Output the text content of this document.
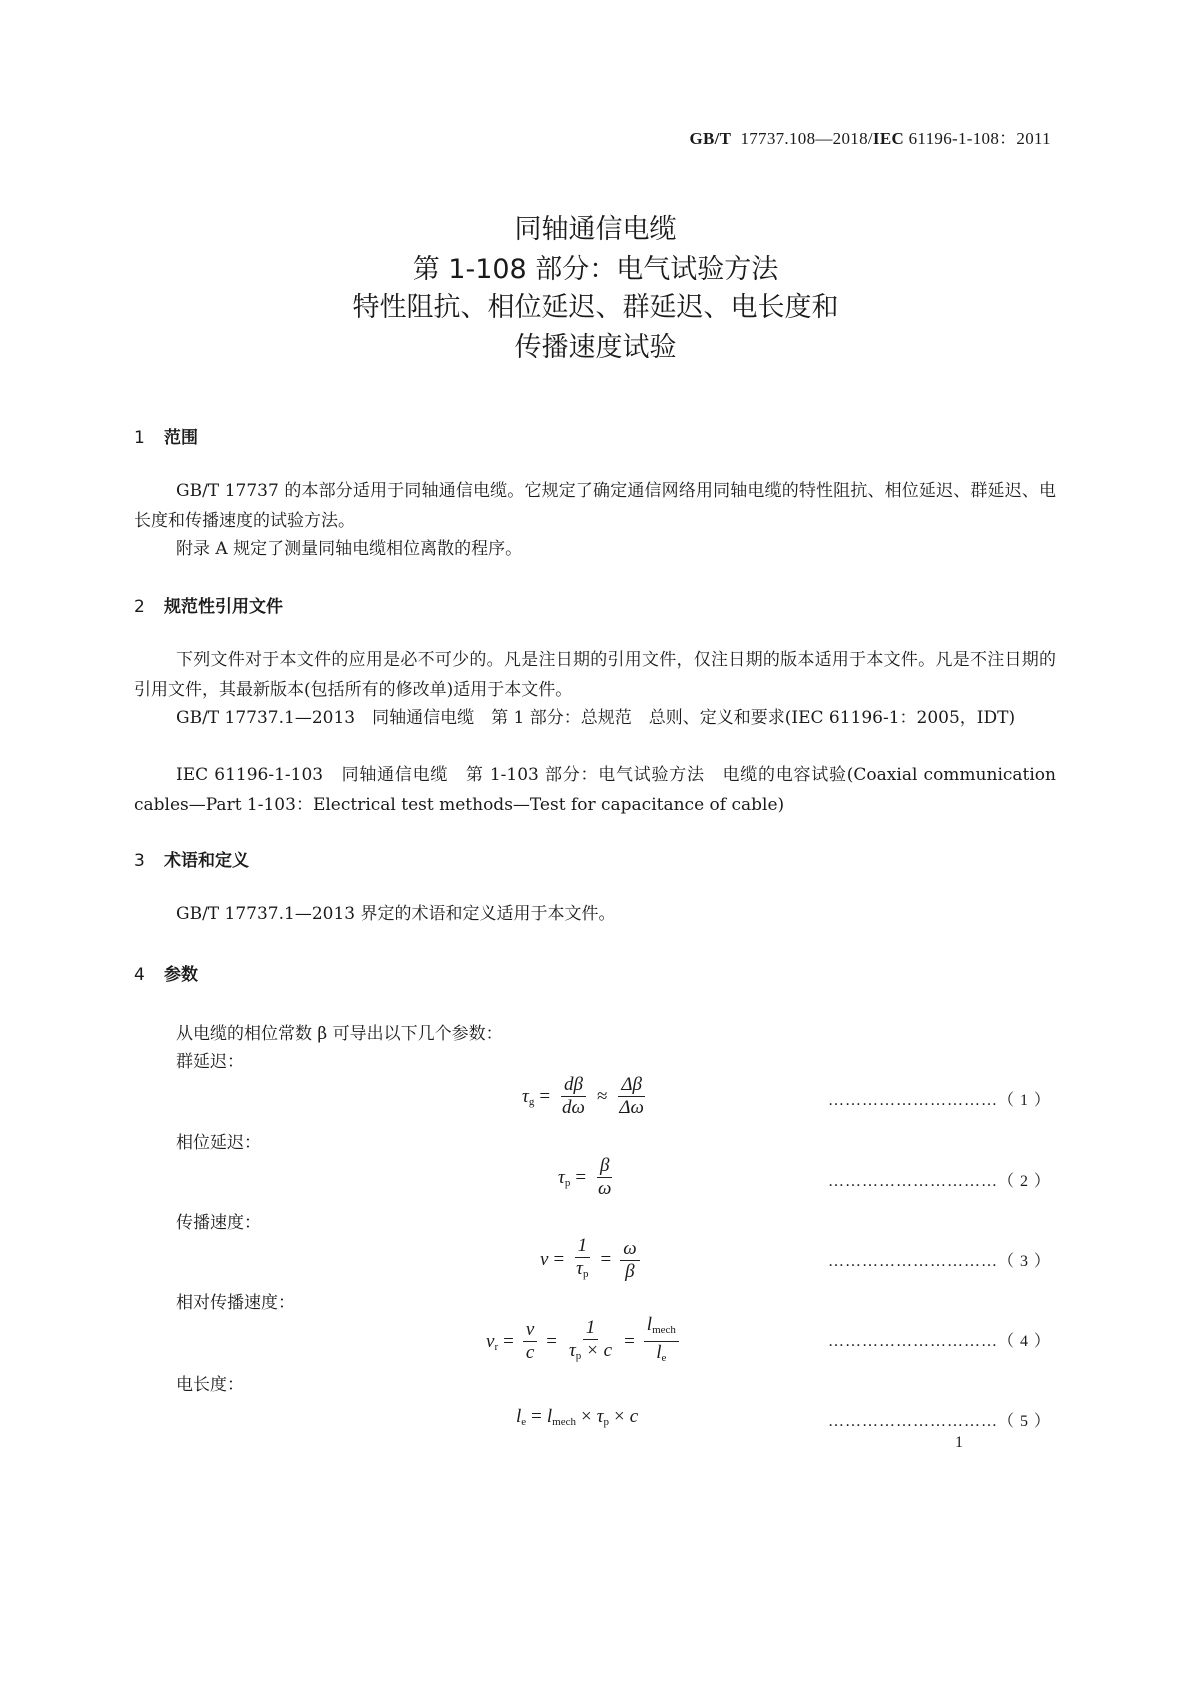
GB/T 17737.108—2018/IEC 61196-1-108：2011
同轴通信电缆
第 1-108 部分：电气试验方法
特性阻抗、相位延迟、群延迟、电长度和
传播速度试验
1 范围
GB/T 17737 的本部分适用于同轴通信电缆。它规定了确定通信网络用同轴电缆的特性阻抗、相位延迟、群延迟、电长度和传播速度的试验方法。
附录 A 规定了测量同轴电缆相位离散的程序。
2 规范性引用文件
下列文件对于本文件的应用是必不可少的。凡是注日期的引用文件，仅注日期的版本适用于本文件。凡是不注日期的引用文件，其最新版本(包括所有的修改单)适用于本文件。
GB/T 17737.1—2013　同轴通信电缆　第 1 部分：总规范　总则、定义和要求(IEC 61196-1：2005，IDT)
IEC 61196-1-103　同轴通信电缆　第 1-103 部分：电气试验方法　电缆的电容试验(Coaxial communication cables—Part 1-103：Electrical test methods—Test for capacitance of cable)
3 术语和定义
GB/T 17737.1—2013 界定的术语和定义适用于本文件。
4 参数
从电缆的相位常数 β 可导出以下几个参数：
群延迟：
$\tau_g = \frac{d\beta}{d\omega} \approx \frac{\Delta\beta}{\Delta\omega}$	…………………………（ 1 ）
相位延迟：
$\tau_p = \frac{\beta}{\omega}$	…………………………（ 2 ）
传播速度：
$v = \frac{1}{\tau_p} = \frac{\omega}{\beta}$	…………………………（ 3 ）
相对传播速度：
$v_r = \frac{v}{c} = \frac{1}{\tau_p \times c} = \frac{l_{mech}}{l_e}$	…………………………（ 4 ）
电长度：
$l_e = l_{mech} \times \tau_p \times c$	…………………………（ 5 ）
1
